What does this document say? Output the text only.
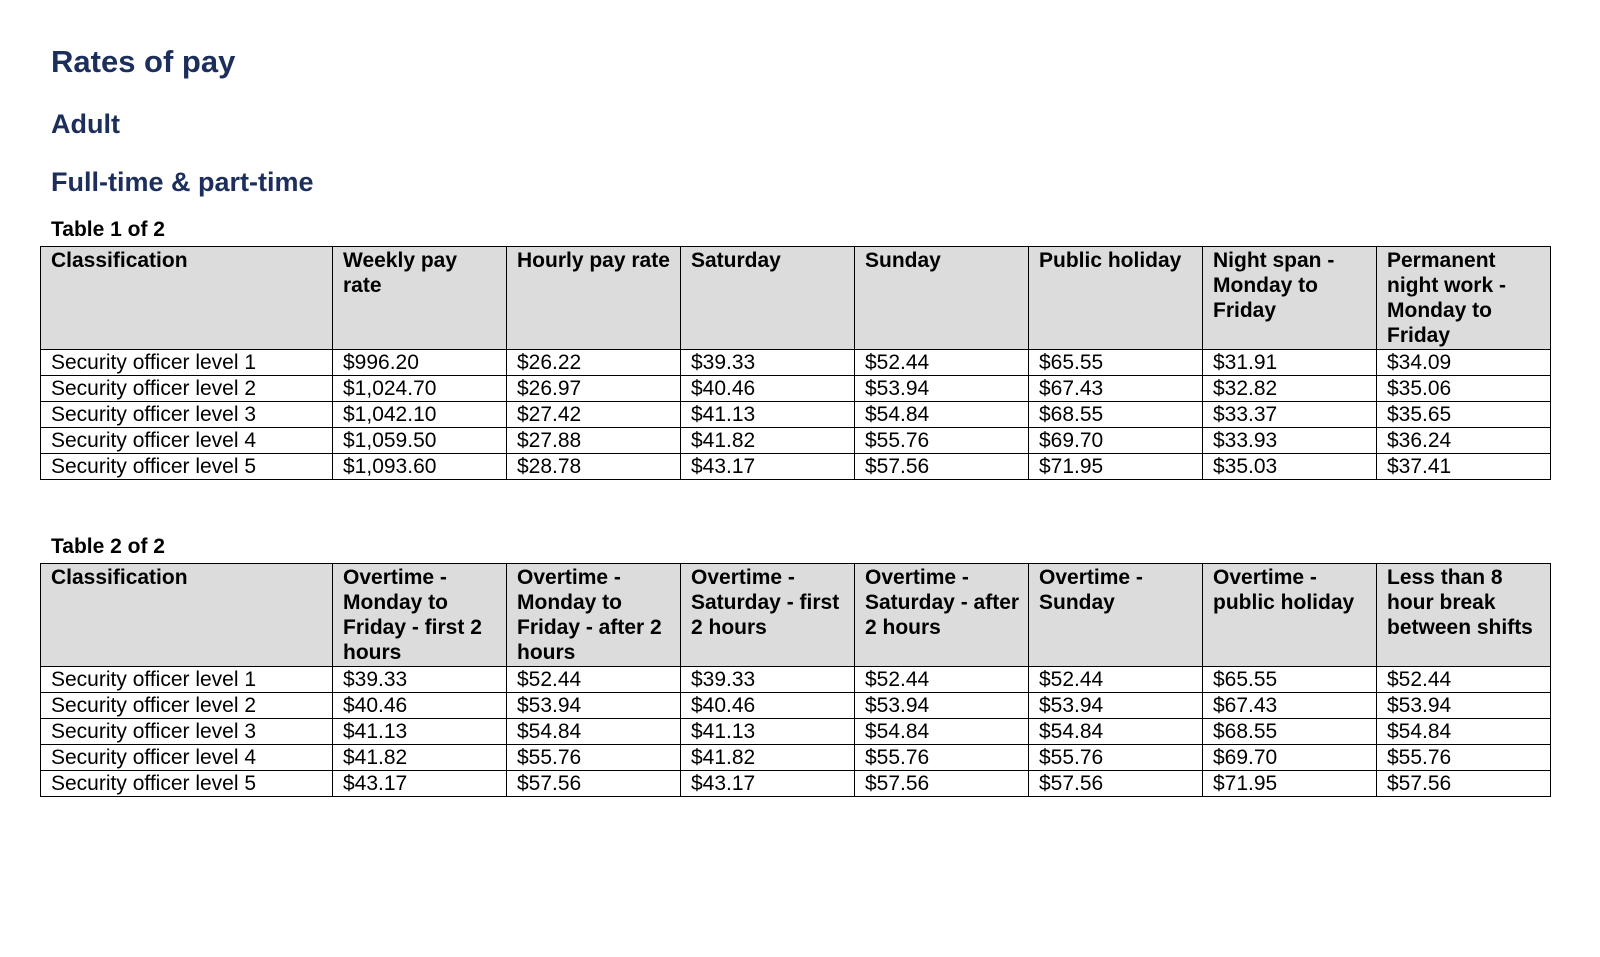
Rates of pay
Adult
Full-time & part-time
Table 1 of 2
Classification	Weekly pay rate	Hourly pay rate	Saturday	Sunday	Public holiday	Night span - Monday to Friday	Permanent night work - Monday to Friday
Security officer level 1	$996.20	$26.22	$39.33	$52.44	$65.55	$31.91	$34.09
Security officer level 2	$1,024.70	$26.97	$40.46	$53.94	$67.43	$32.82	$35.06
Security officer level 3	$1,042.10	$27.42	$41.13	$54.84	$68.55	$33.37	$35.65
Security officer level 4	$1,059.50	$27.88	$41.82	$55.76	$69.70	$33.93	$36.24
Security officer level 5	$1,093.60	$28.78	$43.17	$57.56	$71.95	$35.03	$37.41
Table 2 of 2
Classification	Overtime - Monday to Friday - first 2 hours	Overtime - Monday to Friday - after 2 hours	Overtime - Saturday - first 2 hours	Overtime - Saturday - after 2 hours	Overtime - Sunday	Overtime - public holiday	Less than 8 hour break between shifts
Security officer level 1	$39.33	$52.44	$39.33	$52.44	$52.44	$65.55	$52.44
Security officer level 2	$40.46	$53.94	$40.46	$53.94	$53.94	$67.43	$53.94
Security officer level 3	$41.13	$54.84	$41.13	$54.84	$54.84	$68.55	$54.84
Security officer level 4	$41.82	$55.76	$41.82	$55.76	$55.76	$69.70	$55.76
Security officer level 5	$43.17	$57.56	$43.17	$57.56	$57.56	$71.95	$57.56
